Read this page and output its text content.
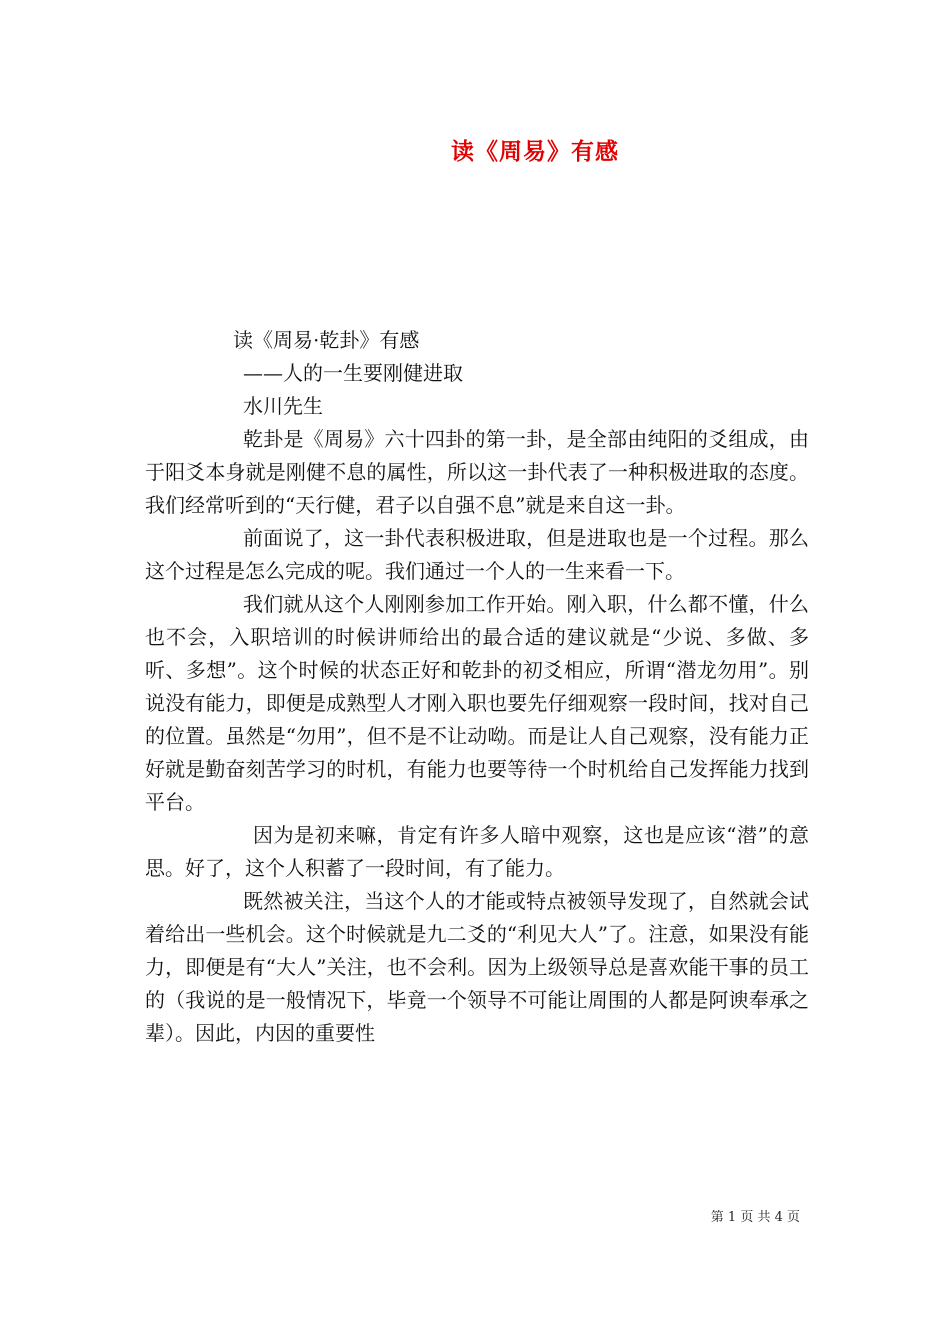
读《周易》有感
读《周易·乾卦》有感
——人的一生要刚健进取
水川先生

乾卦是《周易》六十四卦的第一卦，是全部由纯阳的爻组成，由于阳爻本身就是刚健不息的属性，所以这一卦代表了一种积极进取的态度。我们经常听到的“天行健，君子以自强不息”就是来自这一卦。

前面说了，这一卦代表积极进取，但是进取也是一个过程。那么这个过程是怎么完成的呢。我们通过一个人的一生来看一下。

我们就从这个人刚刚参加工作开始。刚入职，什么都不懂，什么也不会，入职培训的时候讲师给出的最合适的建议就是“少说、多做、多听、多想”。这个时候的状态正好和乾卦的初爻相应，所谓“潜龙勿用”。别说没有能力，即便是成熟型人才刚入职也要先仔细观察一段时间，找对自己的位置。虽然是“勿用”，但不是不让动呦。而是让人自己观察，没有能力正好就是勤奋刻苦学习的时机，有能力也要等待一个时机给自己发挥能力找到平台。

因为是初来嘛，肯定有许多人暗中观察，这也是应该“潜”的意思。好了，这个人积蓄了一段时间，有了能力。

既然被关注，当这个人的才能或特点被领导发现了，自然就会试着给出一些机会。这个时候就是九二爻的“利见大人”了。注意，如果没有能力，即便是有“大人”关注，也不会利。因为上级领导总是喜欢能干事的员工的（我说的是一般情况下，毕竟一个领导不可能让周围的人都是阿谀奉承之辈）。因此，内因的重要性

第 1 页 共 4 页
